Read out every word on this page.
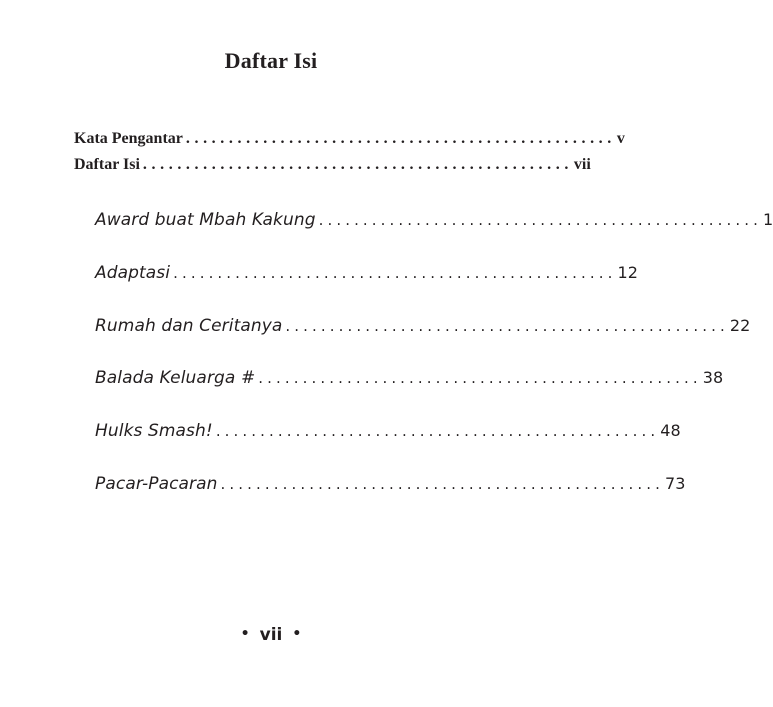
Daftar Isi
Kata Pengantar .................................................. v
Daftar Isi .................................................. vii
Award buat Mbah Kakung .................................................. 1
Adaptasi .................................................. 12
Rumah dan Ceritanya .................................................. 22
Balada Keluarga # .................................................. 38
Hulks Smash! .................................................. 48
Pacar-Pacaran .................................................. 73
• vii •
